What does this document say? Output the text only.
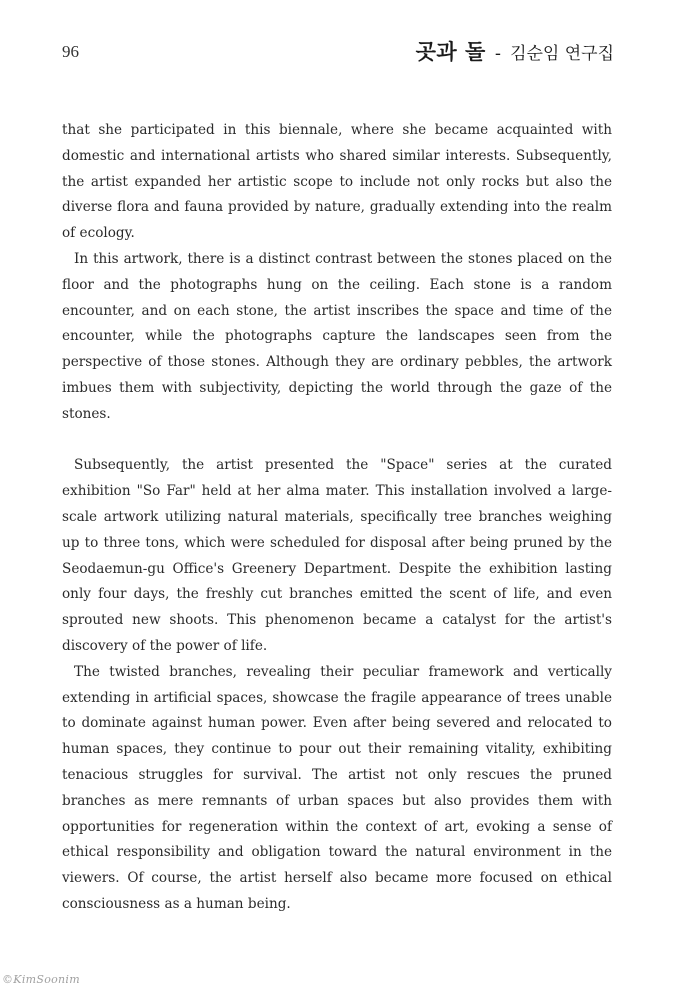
96	곳과 돌 - 김순임 연구집

that she participated in this biennale, where she became acquainted with domestic and international artists who shared similar interests. Subsequently, the artist expanded her artistic scope to include not only rocks but also the diverse flora and fauna provided by nature, gradually extending into the realm of ecology.

In this artwork, there is a distinct contrast between the stones placed on the floor and the photographs hung on the ceiling. Each stone is a random encounter, and on each stone, the artist inscribes the space and time of the encounter, while the photographs capture the landscapes seen from the perspective of those stones. Although they are ordinary pebbles, the artwork imbues them with subjectivity, depicting the world through the gaze of the stones.

Subsequently, the artist presented the "Space" series at the curated exhibition "So Far" held at her alma mater. This installation involved a large-scale artwork utilizing natural materials, specifically tree branches weighing up to three tons, which were scheduled for disposal after being pruned by the Seodaemun-gu Office's Greenery Department. Despite the exhibition lasting only four days, the freshly cut branches emitted the scent of life, and even sprouted new shoots. This phenomenon became a catalyst for the artist's discovery of the power of life.

The twisted branches, revealing their peculiar framework and vertically extending in artificial spaces, showcase the fragile appearance of trees unable to dominate against human power. Even after being severed and relocated to human spaces, they continue to pour out their remaining vitality, exhibiting tenacious struggles for survival. The artist not only rescues the pruned branches as mere remnants of urban spaces but also provides them with opportunities for regeneration within the context of art, evoking a sense of ethical responsibility and obligation toward the natural environment in the viewers. Of course, the artist herself also became more focused on ethical consciousness as a human being.

©KimSoonim
